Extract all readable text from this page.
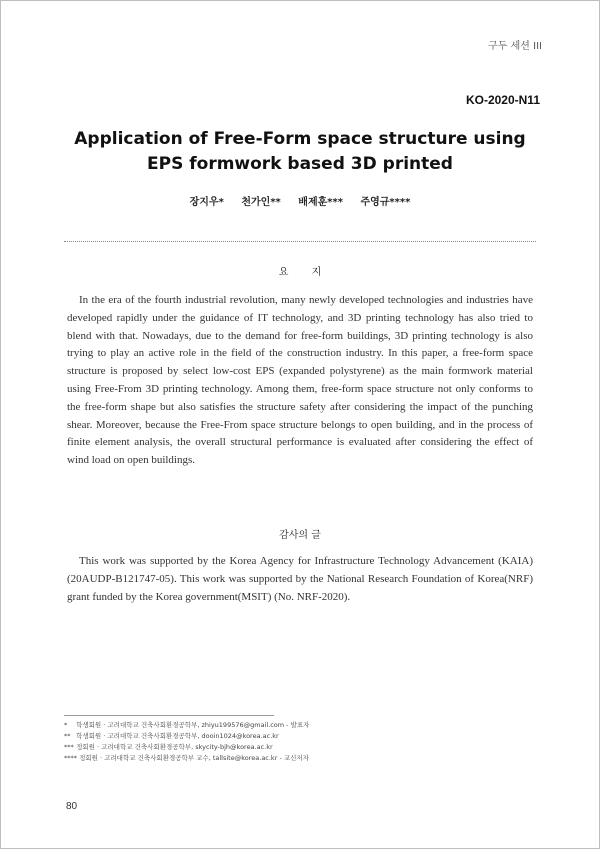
구두 세션 III
KO-2020-N11
Application of Free-Form space structure using
EPS formwork based 3D printed
장지우* 천가인** 배제훈*** 주영규****
요 지
In the era of the fourth industrial revolution, many newly developed technologies and industries have developed rapidly under the guidance of IT technology, and 3D printing technology has also tried to blend with that. Nowadays, due to the demand for free-form buildings, 3D printing technology is also trying to play an active role in the field of the construction industry. In this paper, a free-form space structure is proposed by select low-cost EPS (expanded polystyrene) as the main formwork material using Free-From 3D printing technology. Among them, free-form space structure not only conforms to the free-form shape but also satisfies the structure safety after considering the impact of the punching shear. Moreover, because the Free-From space structure belongs to open building, and in the process of finite element analysis, the overall structural performance is evaluated after considering the effect of wind load on open buildings.
감사의 글
This work was supported by the Korea Agency for Infrastructure Technology Advancement (KAIA) (20AUDP-B121747-05). This work was supported by the National Research Foundation of Korea(NRF) grant funded by the Korea government(MSIT) (No. NRF-2020).
* 학생회원 · 고려대학교 건축사회환경공학부, zhiyu199576@gmail.com - 발표자
** 학생회원 · 고려대학교 건축사회환경공학부, dooin1024@korea.ac.kr
*** 정회원 · 고려대학교 건축사회환경공학부, skycity-bjh@korea.ac.kr
**** 정회원 · 고려대학교 건축사회환경공학부 교수, tallsite@korea.ac.kr - 교신저자
80
